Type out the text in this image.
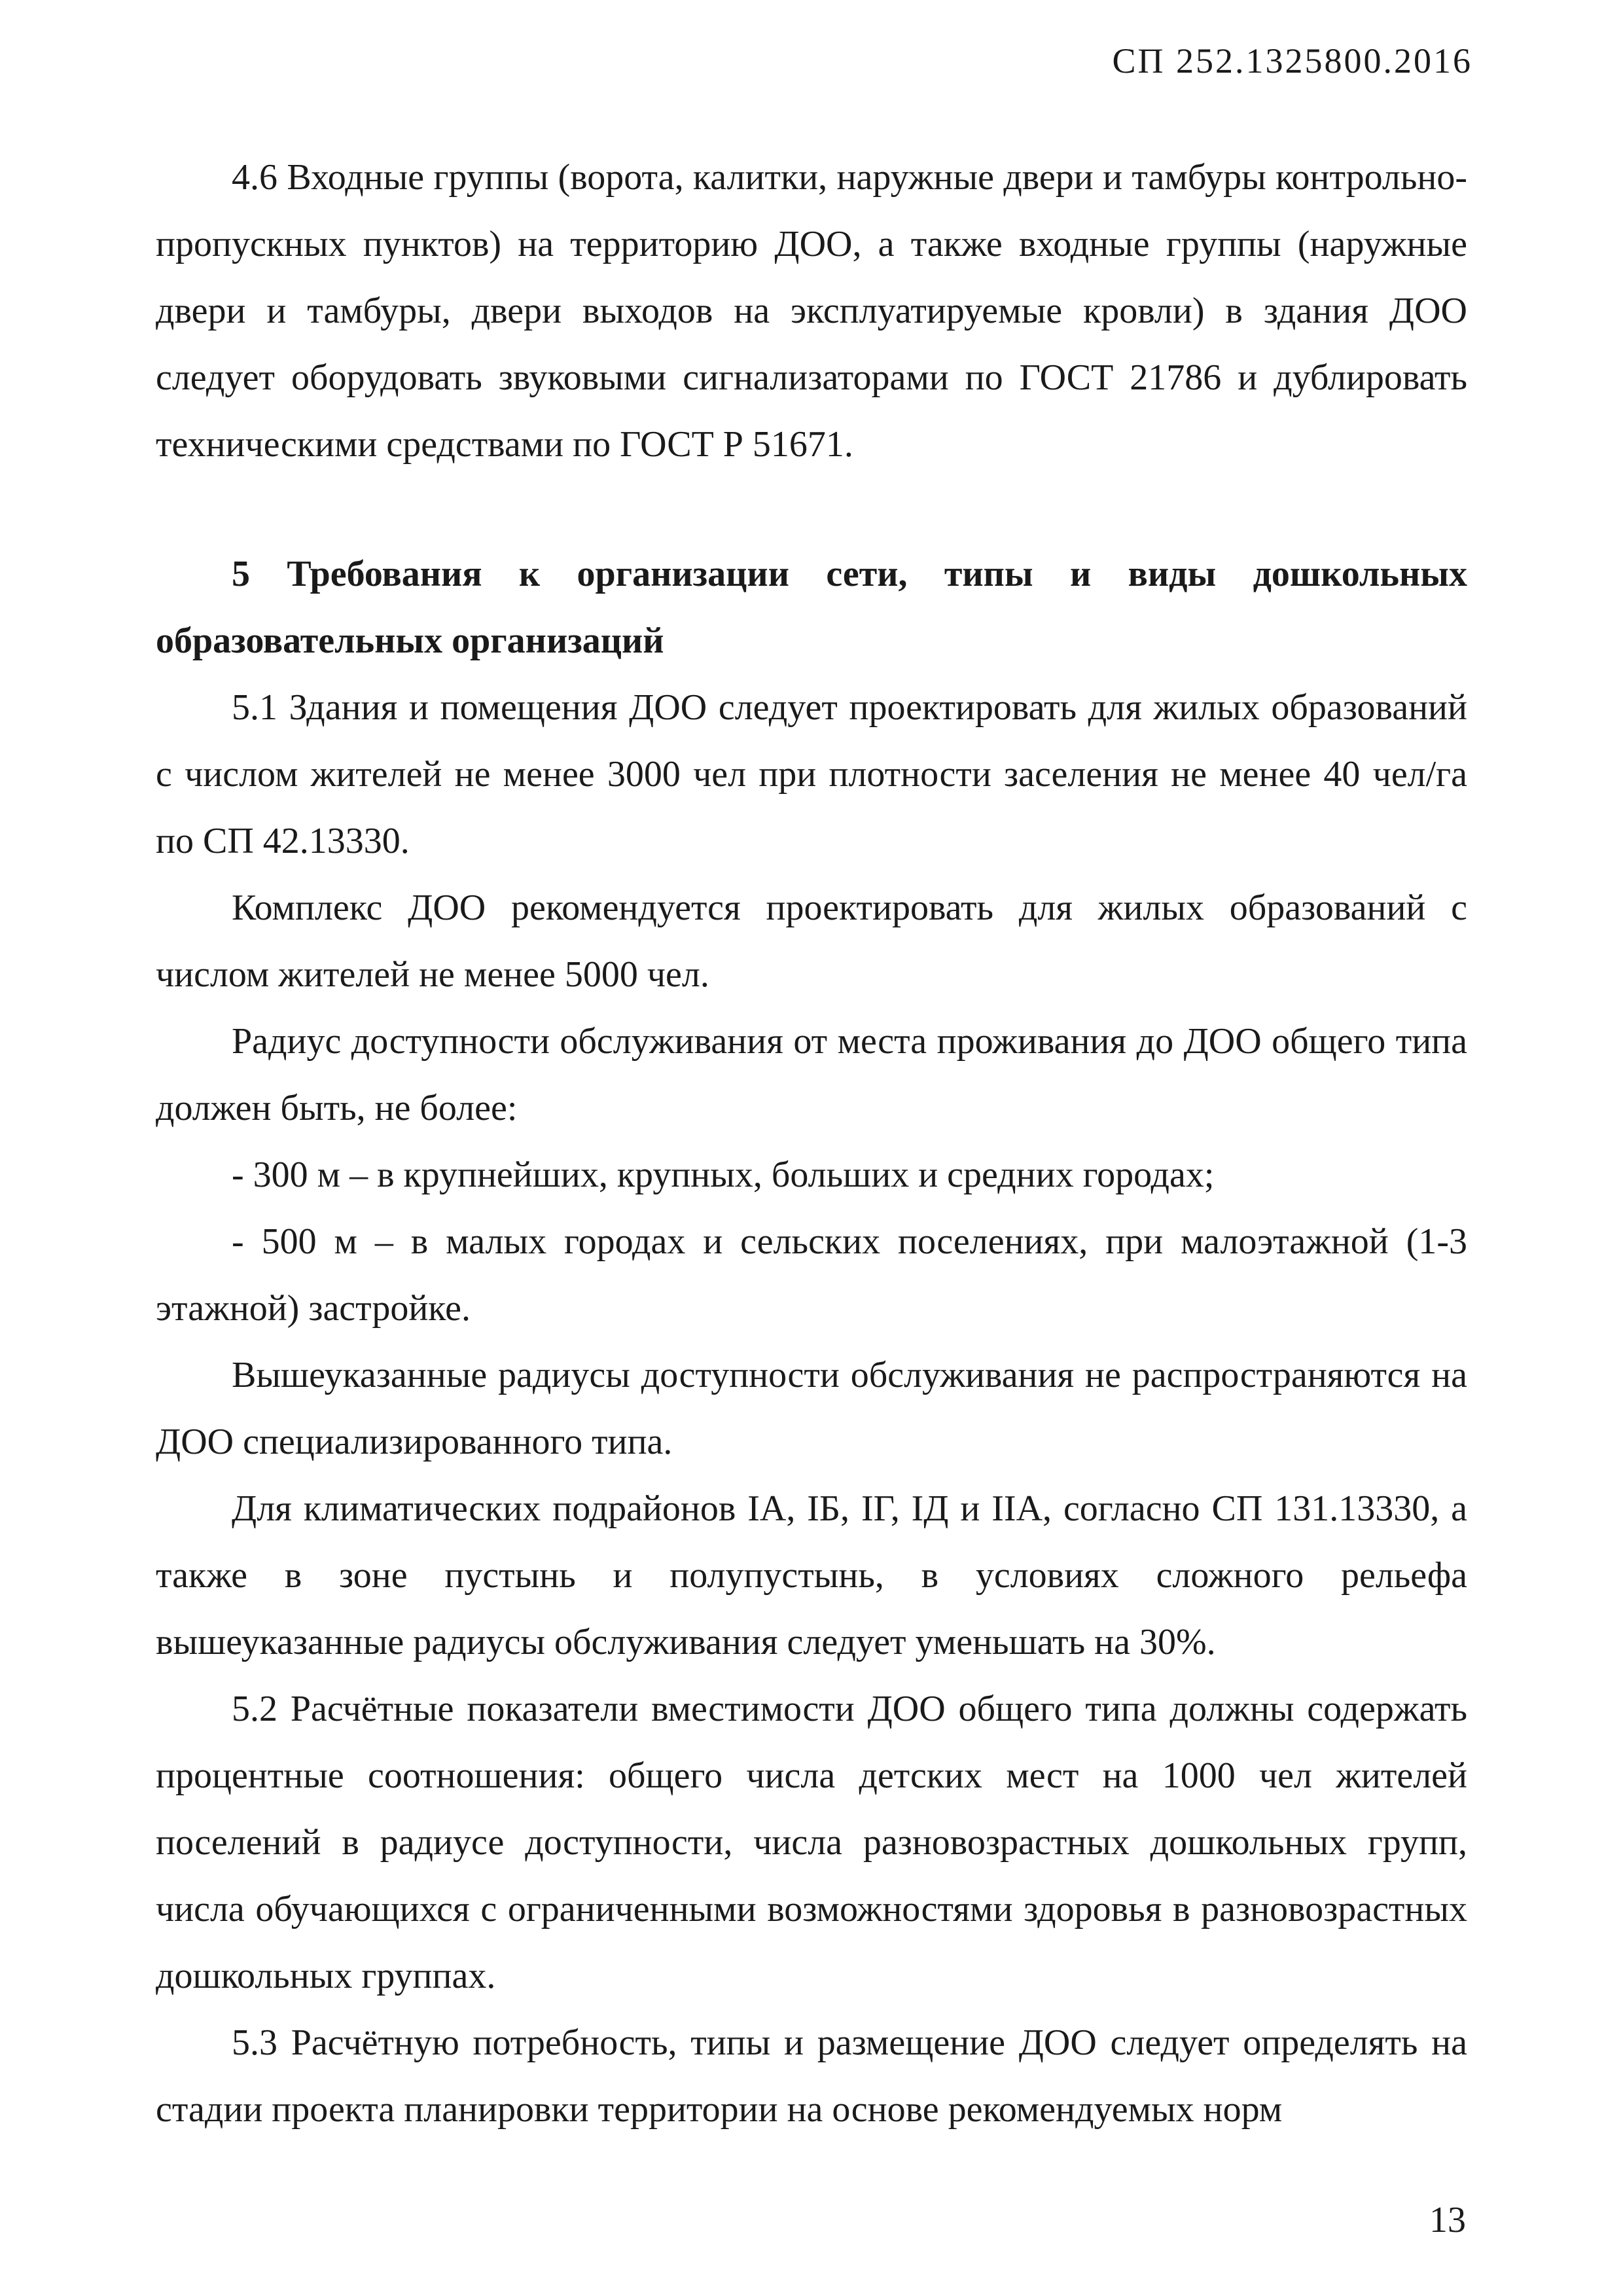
СП 252.1325800.2016

4.6 Входные группы (ворота, калитки, наружные двери и тамбуры контрольно-пропускных пунктов) на территорию ДОО, а также входные группы (наружные двери и тамбуры, двери выходов на эксплуатируемые кровли) в здания ДОО следует оборудовать звуковыми сигнализаторами по ГОСТ 21786 и дублировать техническими средствами по ГОСТ Р 51671.

5 Требования к организации сети, типы и виды дошкольных образовательных организаций

5.1 Здания и помещения ДОО следует проектировать для жилых образований с числом жителей не менее 3000 чел при плотности заселения не менее 40 чел/га по СП 42.13330.

Комплекс ДОО рекомендуется проектировать для жилых образований с числом жителей не менее 5000 чел.

Радиус доступности обслуживания от места проживания до ДОО общего типа должен быть, не более:

- 300 м – в крупнейших, крупных, больших и средних городах;

- 500 м – в малых городах и сельских поселениях, при малоэтажной (1-3 этажной) застройке.

Вышеуказанные радиусы доступности обслуживания не распространяются на ДОО специализированного типа.

Для климатических подрайонов IA, IБ, IГ, IД и IIA, согласно СП 131.13330, а также в зоне пустынь и полупустынь, в условиях сложного рельефа вышеуказанные радиусы обслуживания следует уменьшать на 30%.

5.2 Расчётные показатели вместимости ДОО общего типа должны содержать процентные соотношения: общего числа детских мест на 1000 чел жителей поселений в радиусе доступности, числа разновозрастных дошкольных групп, числа обучающихся с ограниченными возможностями здоровья в разновозрастных дошкольных группах.

5.3 Расчётную потребность, типы и размещение ДОО следует определять на стадии проекта планировки территории на основе рекомендуемых норм

13
